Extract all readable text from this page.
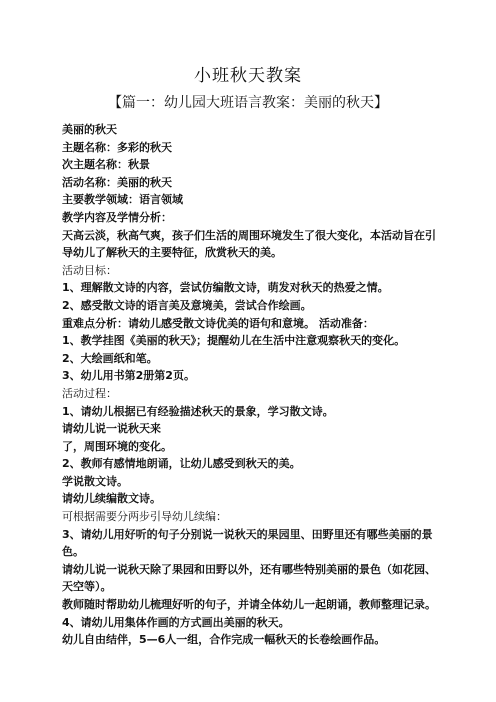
小班秋天教案
【篇一：幼儿园大班语言教案：美丽的秋天】

美丽的秋天

主题名称：多彩的秋天

次主题名称：秋景

活动名称：美丽的秋天

主要教学领域：语言领域

教学内容及学情分析：

天高云淡，秋高气爽，孩子们生活的周围环境发生了很大变化，本活动旨在引导幼儿了解秋天的主要特征，欣赏秋天的美。

活动目标：

1、理解散文诗的内容，尝试仿编散文诗，萌发对秋天的热爱之情。

2、感受散文诗的语言美及意境美，尝试合作绘画。

重难点分析：请幼儿感受散文诗优美的语句和意境。 活动准备：

1、教学挂图《美丽的秋天》；提醒幼儿在生活中注意观察秋天的变化。

2、大绘画纸和笔。

3、幼儿用书第2册第2页。

活动过程：

1、请幼儿根据已有经验描述秋天的景象，学习散文诗。

请幼儿说一说秋天来

了，周围环境的变化。

2、教师有感情地朗诵，让幼儿感受到秋天的美。

学说散文诗。

请幼儿续编散文诗。

可根据需要分两步引导幼儿续编：

3、请幼儿用好听的句子分别说一说秋天的果园里、田野里还有哪些美丽的景色。

请幼儿说一说秋天除了果园和田野以外，还有哪些特别美丽的景色（如花园、天空等）。

教师随时帮助幼儿梳理好听的句子，并请全体幼儿一起朗诵，教师整理记录。

4、请幼儿用集体作画的方式画出美丽的秋天。

幼儿自由结伴，5—6人一组，合作完成一幅秋天的长卷绘画作品。
